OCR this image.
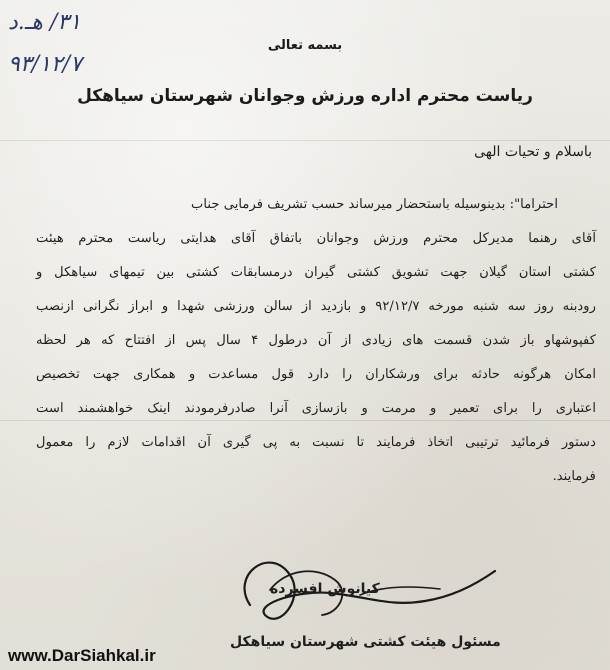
۳۱/ هـ.د
۹۳/۱۲/۷
بسمه تعالی
ریاست محترم اداره ورزش وجوانان شهرستان سیاهکل
باسلام و تحیات الهی
احتراما": بدینوسیله باستحضار میرساند حسب تشریف فرمایی جناب
آقای رهنما مدیرکل محترم ورزش وجوانان باتفاق آقای هدایتی ریاست محترم هیئت
کشتی استان گیلان جهت تشویق کشتی گیران درمسابقات کشتی بین تیمهای سیاهکل و
رودبنه روز سه شنبه مورخه ۹۲/۱۲/۷ و بازدید از سالن ورزشی شهدا و ابراز نگرانی ازنصب
کفپوشهاو باز شدن قسمت های زیادی از آن درطول ۴ سال پس از افتتاح که هر لحظه
امکان هرگونه حادثه برای ورشکاران را دارد قول مساعدت و همکاری جهت تخصیص
اعتباری را برای تعمیر و مرمت و بازسازی آنرا صادرفرمودند اینک خواهشمند است
دستور فرمائید ترتیبی اتخاذ فرمایند تا نسبت به پی گیری آن اقدامات لازم را معمول
فرمایند.
کیانوش افسرده
مسئول هیئت کشتی شهرستان سیاهکل
www.DarSiahkal.ir
